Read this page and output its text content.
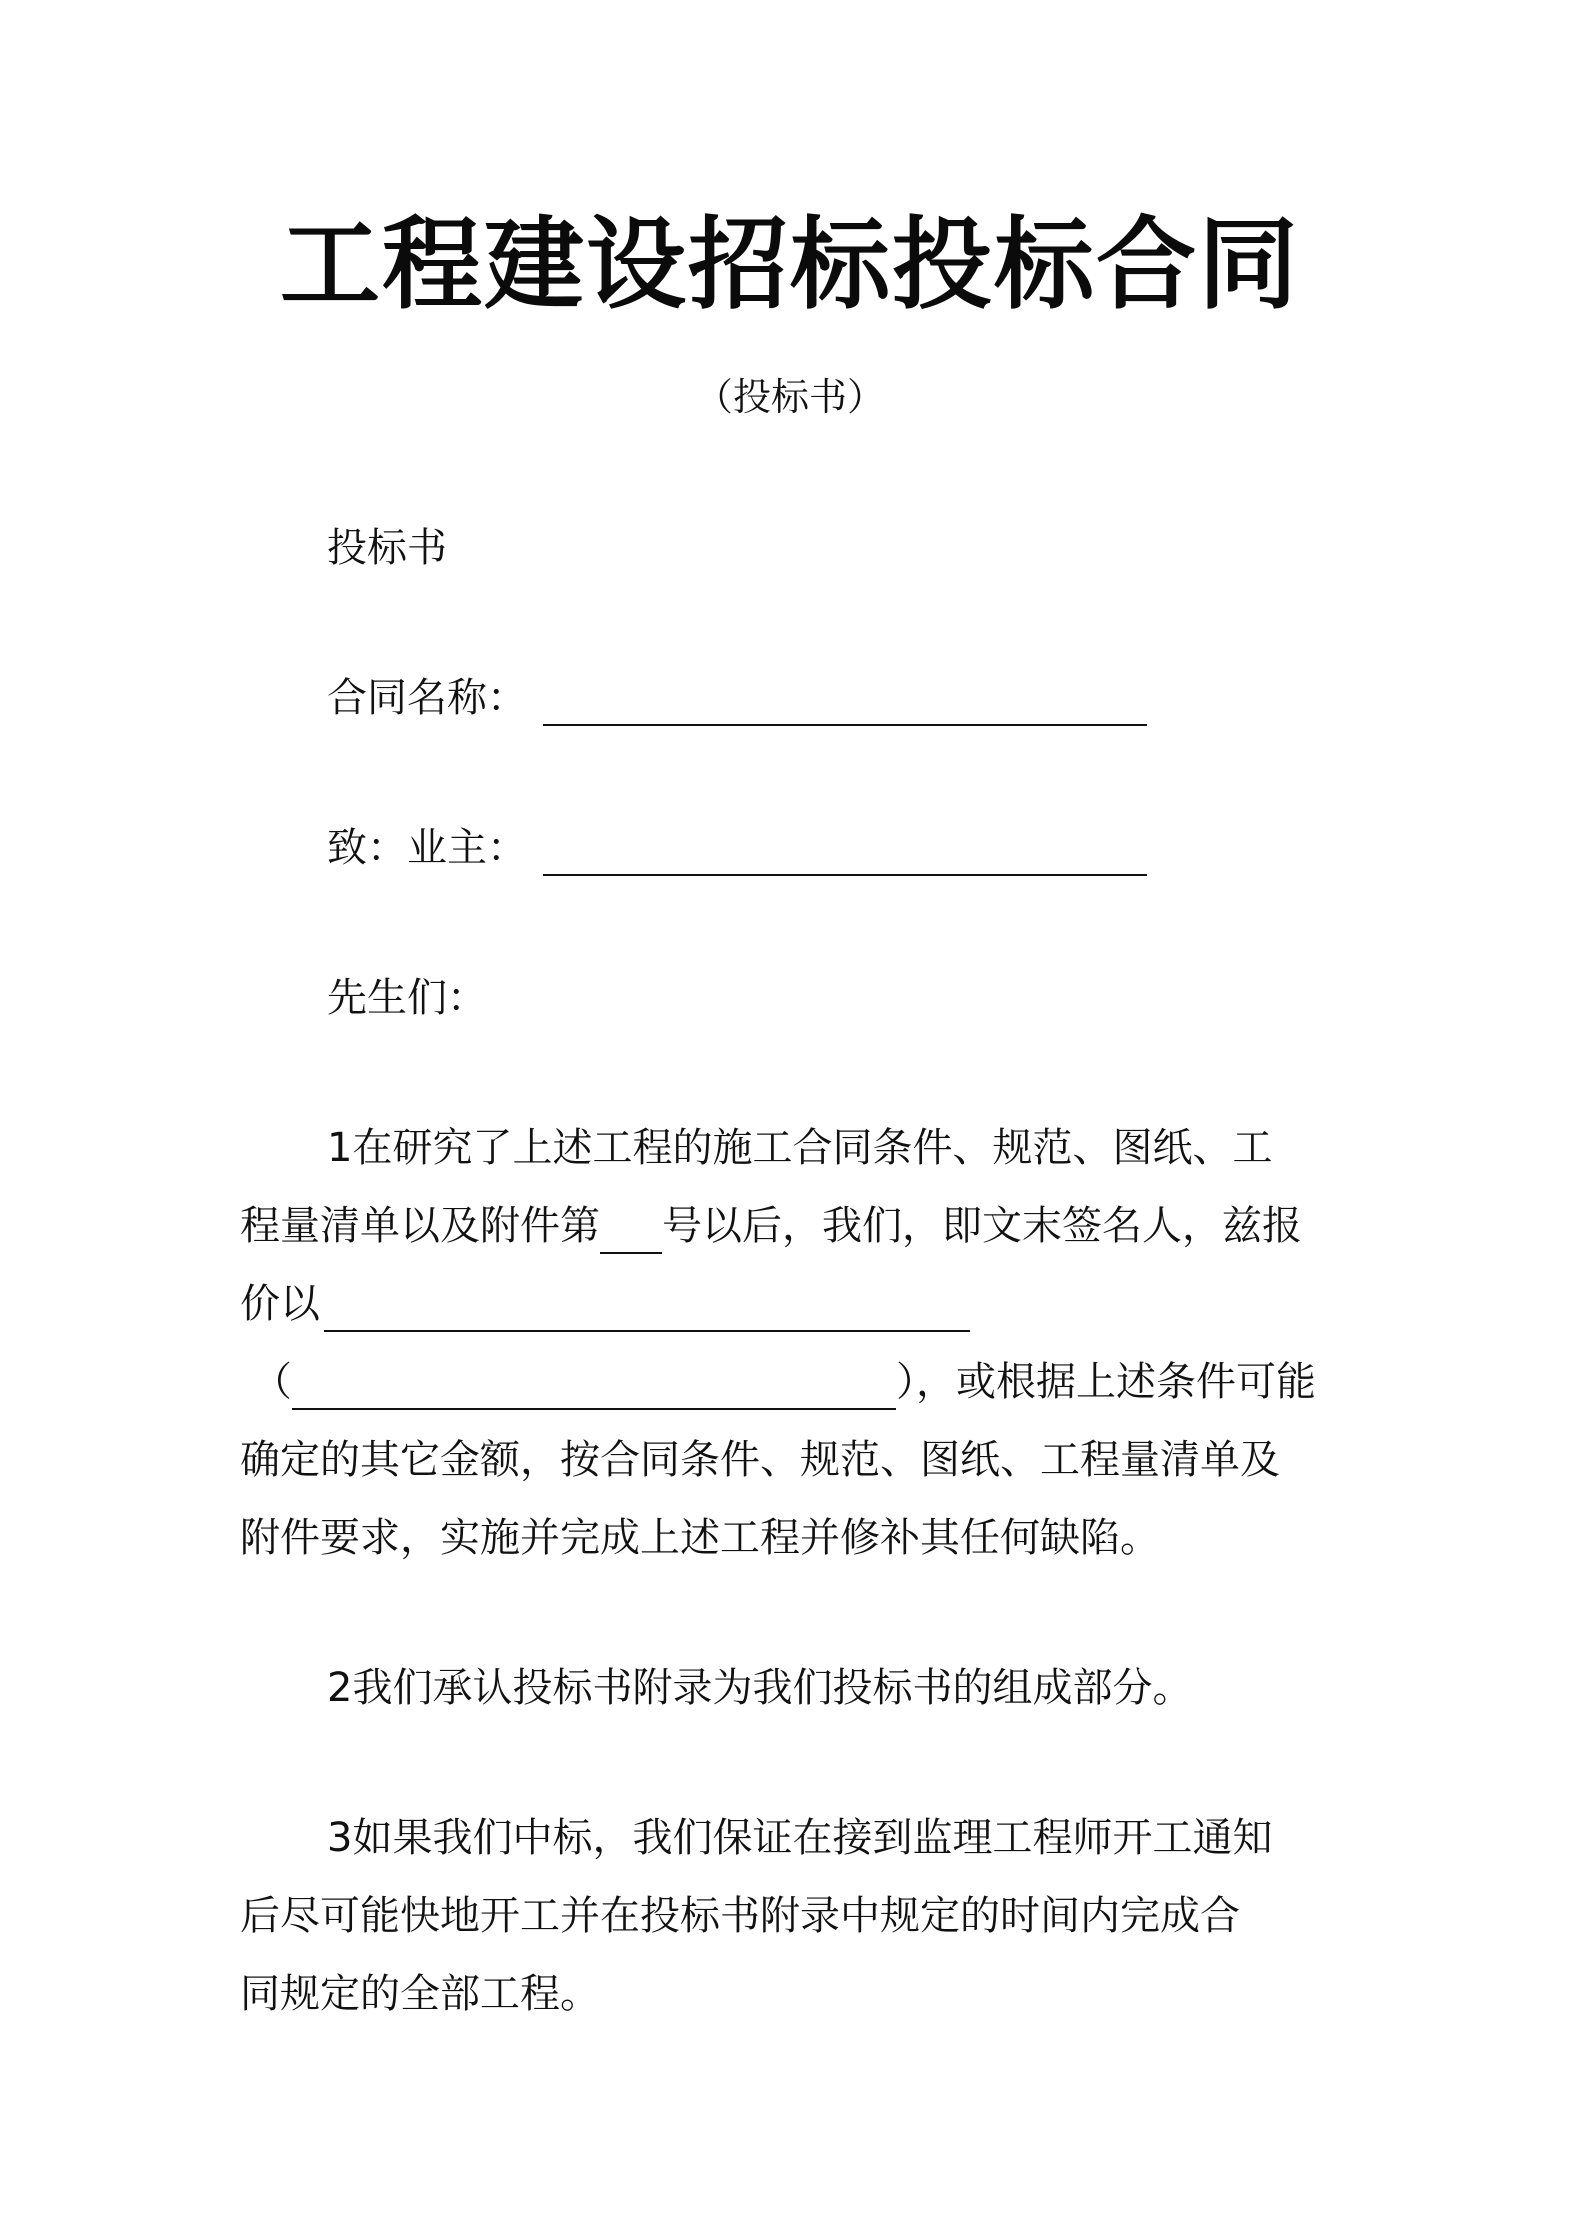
工程建设招标投标合同
（投标书）
投标书
合同名称：
致：业主：
先生们：
1在研究了上述工程的施工合同条件、规范、图纸、工
程量清单以及附件第 号以后，我们，即文末签名人，兹报
价以
（	），或根据上述条件可能
确定的其它金额，按合同条件、规范、图纸、工程量清单及
附件要求，实施并完成上述工程并修补其任何缺陷。
2我们承认投标书附录为我们投标书的组成部分。
3如果我们中标，我们保证在接到监理工程师开工通知
后尽可能快地开工并在投标书附录中规定的时间内完成合
同规定的全部工程。
